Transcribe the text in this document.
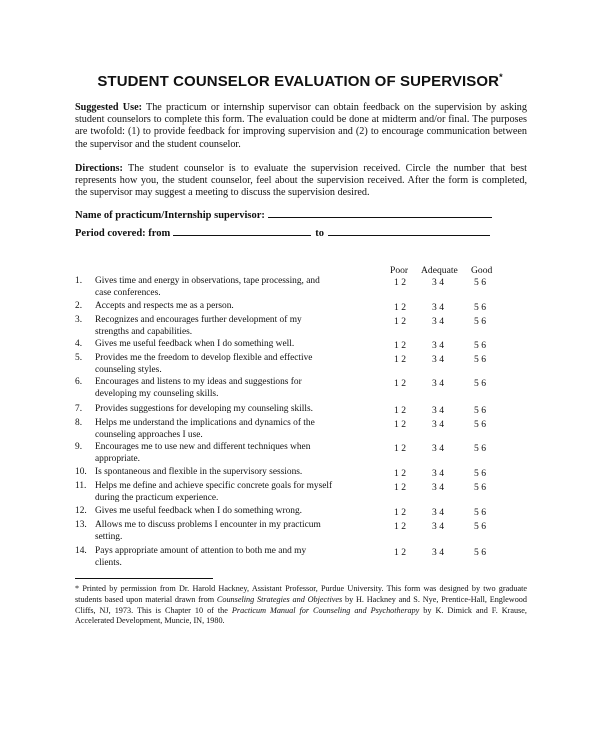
STUDENT COUNSELOR EVALUATION OF SUPERVISOR*
Suggested Use: The practicum or internship supervisor can obtain feedback on the supervision by asking student counselors to complete this form. The evaluation could be done at midterm and/or final. The purposes are twofold: (1) to provide feedback for improving supervision and (2) to encourage communication between the supervisor and the student counselor.
Directions: The student counselor is to evaluate the supervision received. Circle the number that best represents how you, the student counselor, feel about the supervision received. After the form is completed, the supervisor may suggest a meeting to discuss the supervision desired.
Name of practicum/Internship supervisor:
Period covered: from	to
Poor Adequate Good
1.	Gives time and energy in observations, tape processing, and case conferences.
1 2	3 4	5 6
2.	Accepts and respects me as a person.	1 2	3 4	5 6
3.	Recognizes and encourages further development of my strengths and capabilities.
1 2	3 4	5 6
4.	Gives me useful feedback when I do something well.	1 2	3 4	5 6
5.	Provides me the freedom to develop flexible and effective counseling styles.
1 2	3 4	5 6
6.	Encourages and listens to my ideas and suggestions for developing my counseling skills.
1 2	3 4	5 6
7.	Provides suggestions for developing my counseling skills.	1 2	3 4	5 6
8.	Helps me understand the implications and dynamics of the counseling approaches I use.
1 2	3 4	5 6
9.	Encourages me to use new and different techniques when appropriate.
1 2	3 4	5 6
10. Is spontaneous and flexible in the supervisory sessions.	1 2	3 4	5 6
11. Helps me define and achieve specific concrete goals for myself during the practicum experience.
1 2	3 4	5 6
12. Gives me useful feedback when I do something wrong.	1 2	3 4	5 6
13. Allows me to discuss problems I encounter in my practicum setting.
1 2	3 4	5 6
14. Pays appropriate amount of attention to both me and my clients.
1 2	3 4	5 6
* Printed by permission from Dr. Harold Hackney, Assistant Professor, Purdue University. This form was designed by two graduate students based upon material drawn from Counseling Strategies and Objectives by H. Hackney and S. Nye, Prentice-Hall, Englewood Cliffs, NJ, 1973. This is Chapter 10 of the Practicum Manual for Counseling and Psychotherapy by K. Dimick and F. Krause, Accelerated Development, Muncie, IN, 1980.
